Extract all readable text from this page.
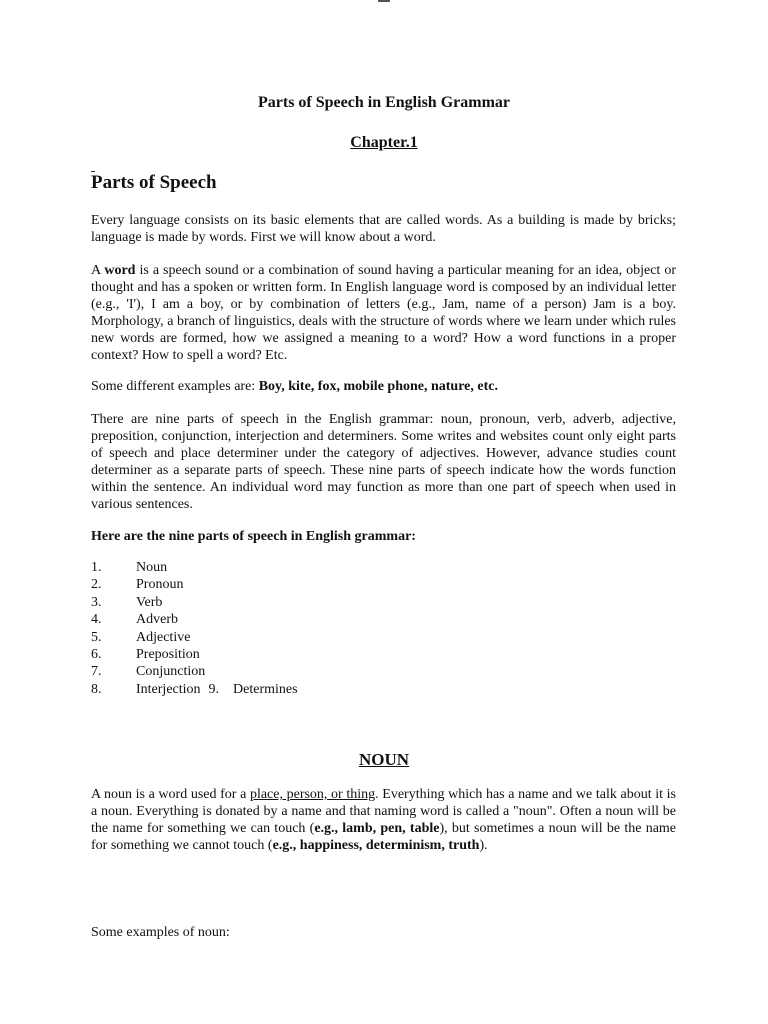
Parts of Speech in English Grammar
Chapter.1
Parts of Speech

Every language consists on its basic elements that are called words. As a building is made by bricks; language is made by words. First we will know about a word.

A word is a speech sound or a combination of sound having a particular meaning for an idea, object or thought and has a spoken or written form. In English language word is composed by an individual letter (e.g., 'I'), I am a boy, or by combination of letters (e.g., Jam, name of a person) Jam is a boy. Morphology, a branch of linguistics, deals with the structure of words where we learn under which rules new words are formed, how we assigned a meaning to a word? How a word functions in a proper context? How to spell a word? Etc.

Some different examples are: Boy, kite, fox, mobile phone, nature, etc.

There are nine parts of speech in the English grammar: noun, pronoun, verb, adverb, adjective, preposition, conjunction, interjection and determiners. Some writes and websites count only eight parts of speech and place determiner under the category of adjectives. However, advance studies count determiner as a separate parts of speech. These nine parts of speech indicate how the words function within the sentence. An individual word may function as more than one part of speech when used in various sentences.

Here are the nine parts of speech in English grammar:

1.	Noun
2.	Pronoun
3.	Verb
4.	Adverb
5.	Adjective
6.	Preposition
7.	Conjunction
8.	Interjection 9. Determines
NOUN

A noun is a word used for a place, person, or thing. Everything which has a name and we talk about it is a noun. Everything is donated by a name and that naming word is called a "noun". Often a noun will be the name for something we can touch (e.g., lamb, pen, table), but sometimes a noun will be the name for something we cannot touch (e.g., happiness, determinism, truth).

Some examples of noun:
